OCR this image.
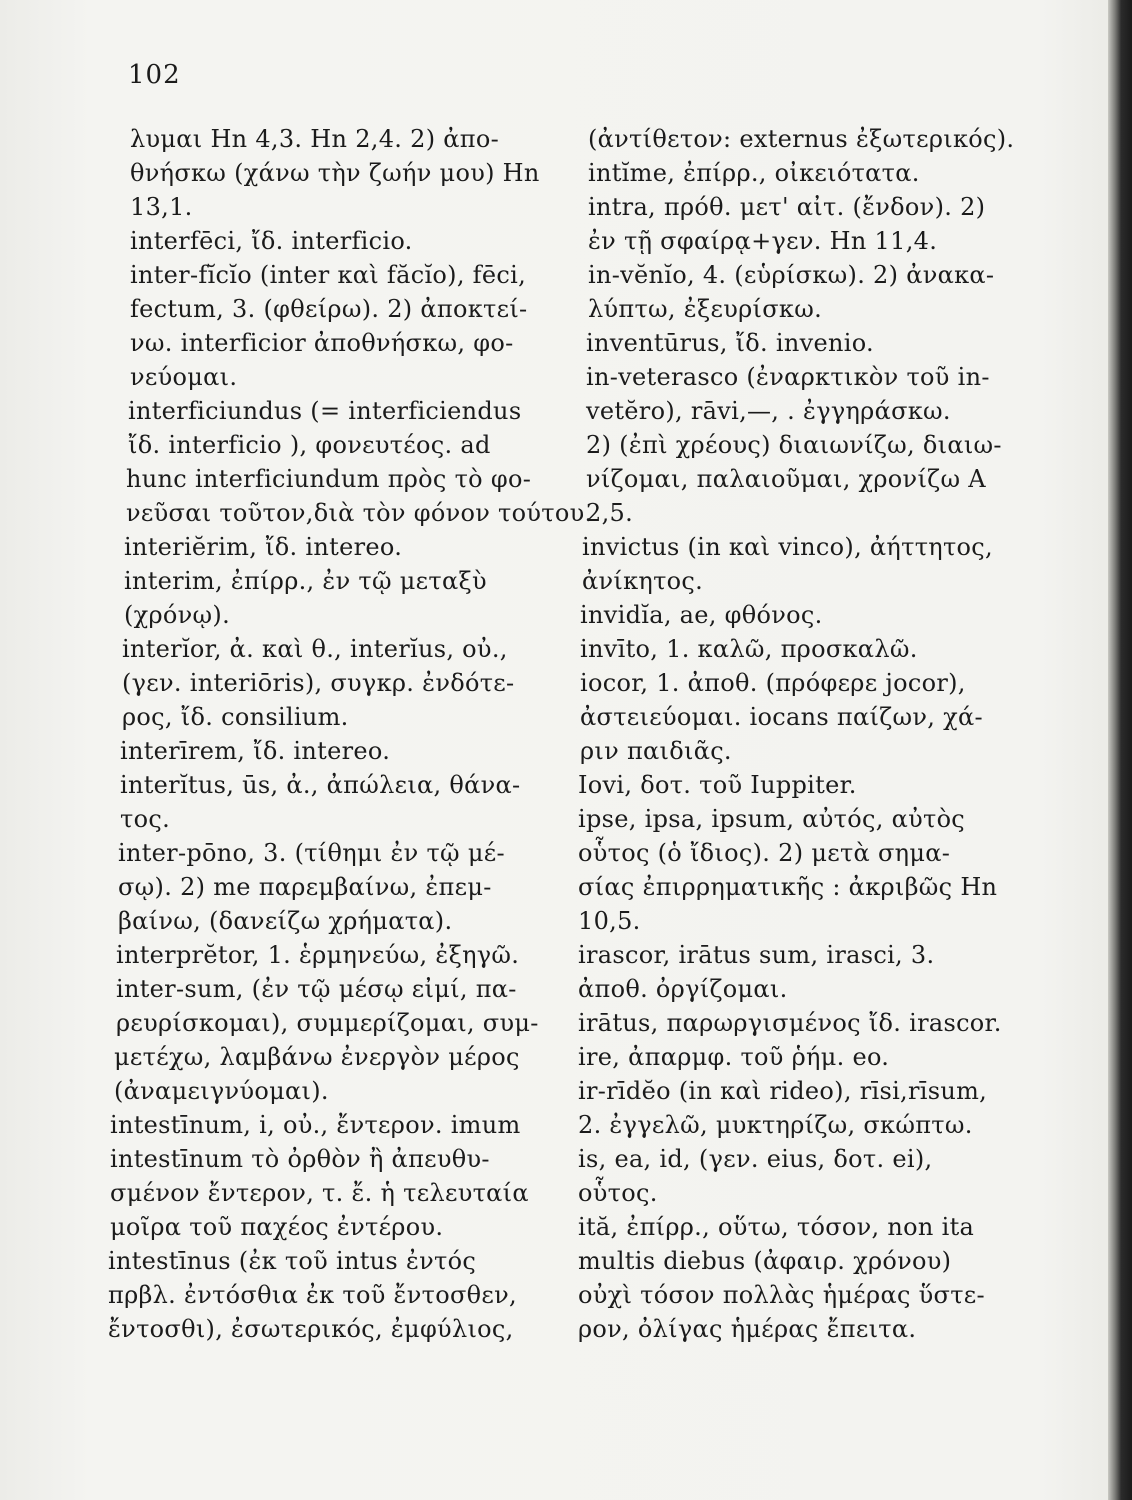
102
λυμαι Ηn 4,3. Ηn 2,4. 2) ἀπο-
θνήσκω (χάνω τὴν ζωήν μου) Ηn
13,1.
interfēci, ἴδ. interficio.
inter-fĭcĭo (inter καὶ făcĭo), fēci,
fectum, 3. (φθείρω). 2) ἀποκτεί-
νω. interficior ἀποθνήσκω, φο-
νεύομαι.
interficiundus (= interficiendus
ἴδ. interficio ), φονευτέος. ad
hunc interficiundum πρὸς τὸ φο-
νεῦσαι τοῦτον,διὰ τὸν φόνον τούτου.
interiĕrim, ἴδ. intereo.
interim, ἐπίρρ., ἐν τῷ μεταξὺ
(χρόνῳ).
interĭor, ἀ. καὶ θ., interĭus, οὐ.,
(γεν. interiōris), συγκρ. ἐνδότε-
ρος, ἴδ. consilium.
interīrem, ἴδ. intereo.
interĭtus, ūs, ἀ., ἀπώλεια, θάνα-
τος.
inter-pōno, 3. (τίθημι ἐν τῷ μέ-
σῳ). 2) me παρεμβαίνω, ἐπεμ-
βαίνω, (δανείζω χρήματα).
interprĕtor, 1. ἑρμηνεύω, ἐξηγῶ.
inter-sum, (ἐν τῷ μέσῳ εἰμί, πα-
ρευρίσκομαι), συμμερίζομαι, συμ-
μετέχω, λαμβάνω ἐνεργὸν μέρος
(ἀναμειγνύομαι).
intestīnum, i, οὐ., ἔντερον. imum
intestīnum τὸ ὀρθὸν ἢ ἀπευθυ-
σμένον ἔντερον, τ. ἔ. ἡ τελευταία
μοῖρα τοῦ παχέος ἐντέρου.
intestīnus (ἐκ τοῦ intus ἐντός
πρβλ. ἐντόσθια ἐκ τοῦ ἔντοσθεν,
ἔντοσθι), ἐσωτερικός, ἐμφύλιος,
(ἀντίθετον: externus ἐξωτερικός).
intĭme, ἐπίρρ., οἰκειότατα.
intra, πρόθ. μετ' αἰτ. (ἔνδον). 2)
ἐν τῇ σφαίρᾳ+γεν. Ηn 11,4.
in-vĕnĭo, 4. (εὑρίσκω). 2) ἀνακα-
λύπτω, ἐξευρίσκω.
inventūrus, ἴδ. invenio.
in-veterasco (ἐναρκτικὸν τοῦ in-
vetĕro), rāvi,—, . ἐγγηράσκω.
2) (ἐπὶ χρέους) διαιωνίζω, διαιω-
νίζομαι, παλαιοῦμαι, χρονίζω Α
2,5.
invictus (in καὶ vinco), ἀήττητος,
ἀνίκητος.
invidĭa, ae, φθόνος.
invīto, 1. καλῶ, προσκαλῶ.
iocor, 1. ἀποθ. (πρόφερε jocor),
ἀστειεύομαι. iocans παίζων, χά-
ριν παιδιᾶς.
Iovi, δοτ. τοῦ Iuppiter.
ipse, ipsa, ipsum, αὐτός, αὐτὸς
οὗτος (ὁ ἴδιος). 2) μετὰ σημα-
σίας ἐπιρρηματικῆς : ἀκριβῶς Ηn
10,5.
irascor, irātus sum, irasci, 3.
ἀποθ. ὀργίζομαι.
irātus, παρωργισμένος ἴδ. irascor.
ire, ἀπαρμφ. τοῦ ῥήμ. eo.
ir-rīdĕo (in καὶ rideo), rīsi,rīsum,
2. ἐγγελῶ, μυκτηρίζω, σκώπτω.
is, ea, id, (γεν. eius, δοτ. ei),
οὗτος.
ită, ἐπίρρ., οὕτω, τόσον, non ita
multis diebus (ἀφαιρ. χρόνου)
οὐχὶ τόσον πολλὰς ἡμέρας ὕστε-
ρον, ὀλίγας ἡμέρας ἔπειτα.
